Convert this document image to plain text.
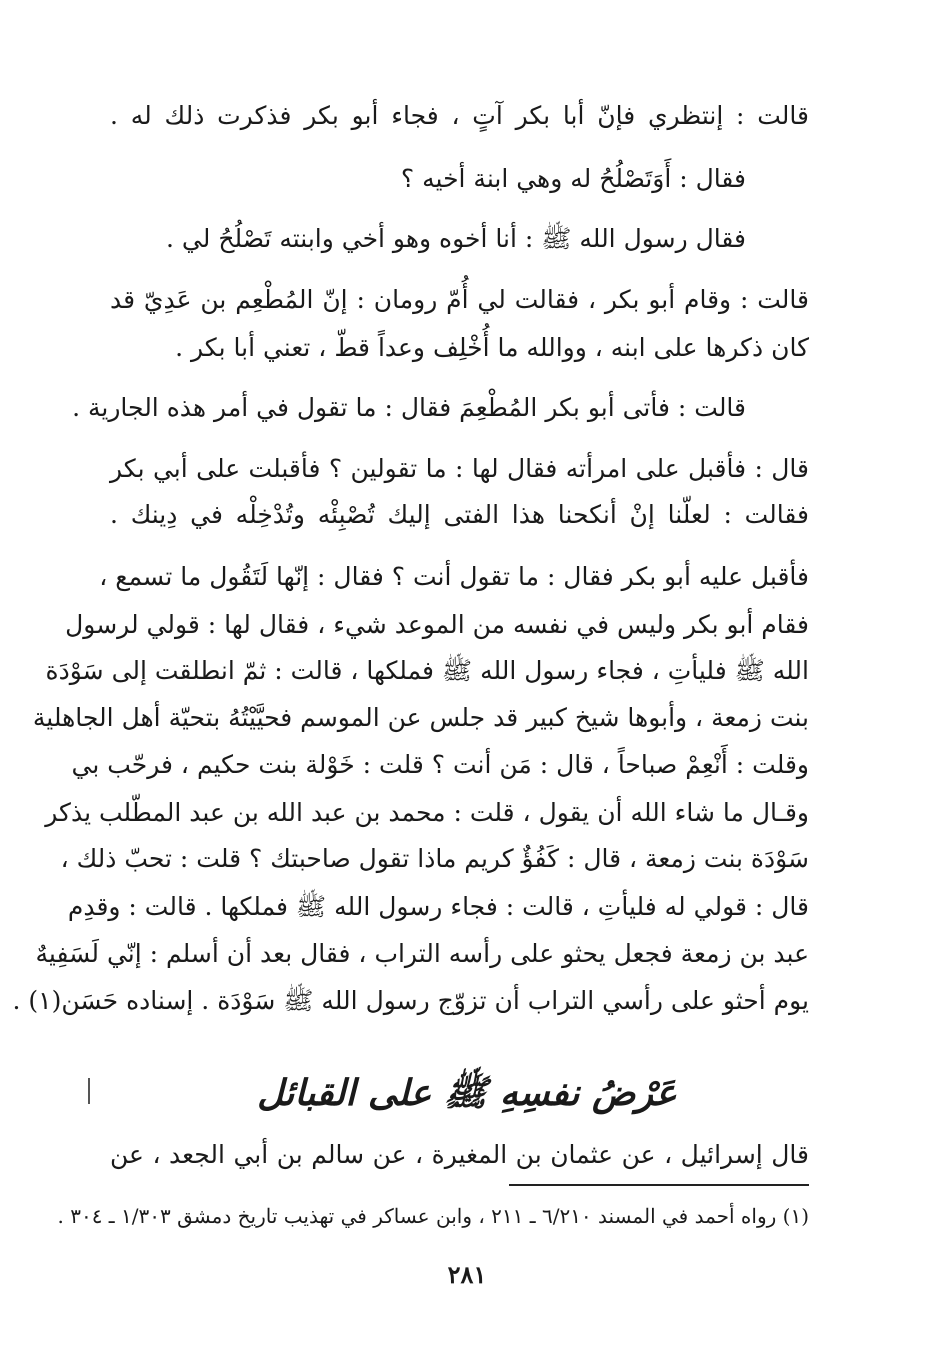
قالت : إنتظري فإنّ أبا بكر آتٍ ، فجاء أبو بكر فذكرت ذلك له .
فقال : أَوَتَصْلُحُ له وهي ابنة أخيه ؟
فقال رسول الله ﷺ : أنا أخوه وهو أخي وابنته تَصْلُحُ لي .
قالت : وقام أبو بكر ، فقالت لي أُمّ رومان : إنّ المُطْعِم بن عَدِيّ قد
كان ذكرها على ابنه ، ووالله ما أُخْلِف وعداً قطّ ، تعني أبا بكر .
قالت : فأتى أبو بكر المُطْعِمَ فقال : ما تقول في أمر هذه الجارية .
قال : فأقبل على امرأته فقال لها : ما تقولين ؟ فأقبلت على أبي بكر
فقالت : لعلّنا إنْ أنكحنا هذا الفتى إليك تُصْبِئْه وتُدْخِلْه في دِينك .
فأقبل عليه أبو بكر فقال : ما تقول أنت ؟ فقال : إنّها لَتَقُول ما تسمع ،
فقام أبو بكر وليس في نفسه من الموعد شيء ، فقال لها : قولي لرسول
الله ﷺ فليأتِ ، فجاء رسول الله ﷺ فملكها ، قالت : ثمّ انطلقت إلى سَوْدَة
بنت زمعة ، وأبوها شيخ كبير قد جلس عن الموسم فحيَّيْتُهُ بتحيّة أهل الجاهلية
وقلت : أَنْعِمْ صباحاً ، قال : مَن أنت ؟ قلت : خَوْلة بنت حكيم ، فرحّب بي
وقـال ما شاء الله أن يقول ، قلت : محمد بن عبد الله بن عبد المطّلب يذكر
سَوْدَة بنت زمعة ، قال : كَفُؤٌ كريم ماذا تقول صاحبتك ؟ قلت : تحبّ ذلك ،
قال : قولي له فليأتِ ، قالت : فجاء رسول الله ﷺ فملكها . قالت : وقدِم
عبد بن زمعة فجعل يحثو على رأسه التراب ، فقال بعد أن أسلم : إنّي لَسَفِيهٌ
يوم أحثو على رأسي التراب أن تزوّج رسول الله ﷺ سَوْدَة . إسناده حَسَن(١) .
عَرْضُ نفسِهِ ﷺ على القبائل
قال إسرائيل ، عن عثمان بن المغيرة ، عن سالم بن أبي الجعد ، عن
(١) رواه أحمد في المسند ٦/٢١٠ ـ ٢١١ ، وابن عساكر في تهذيب تاريخ دمشق ١/٣٠٣ ـ ٣٠٤ .
٢٨١
